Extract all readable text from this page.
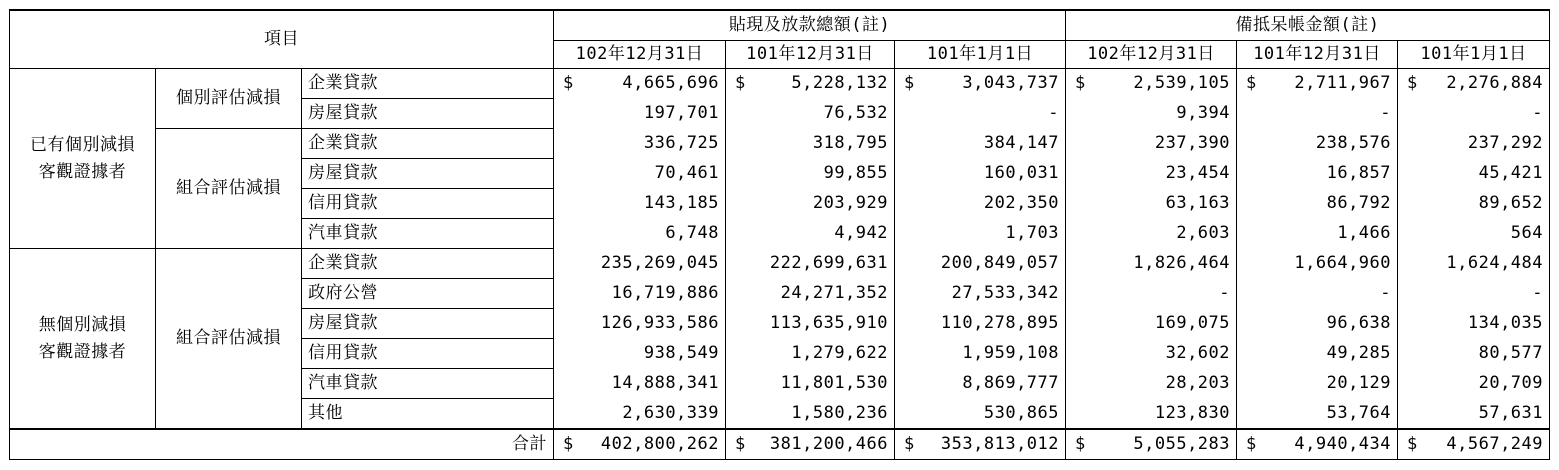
項目			貼現及放款總額(註)			備抵呆帳金額(註)		
			102年12月31日	101年12月31日	101年1月1日	102年12月31日	101年12月31日	101年1月1日

已有個別減損
客觀證據者	個別評估減損	企業貸款	$ 4,665,696	$ 5,228,132	$ 3,043,737	$ 2,539,105	$ 2,711,967	$ 2,276,884
		房屋貸款	197,701	76,532	-	9,394	-	-
	組合評估減損	企業貸款	336,725	318,795	384,147	237,390	238,576	237,292
		房屋貸款	70,461	99,855	160,031	23,454	16,857	45,421
		信用貸款	143,185	203,929	202,350	63,163	86,792	89,652
		汽車貸款	6,748	4,942	1,703	2,603	1,466	564

無個別減損
客觀證據者	組合評估減損	企業貸款	235,269,045	222,699,631	200,849,057	1,826,464	1,664,960	1,624,484
		政府公營	16,719,886	24,271,352	27,533,342	-	-	-
		房屋貸款	126,933,586	113,635,910	110,278,895	169,075	96,638	134,035
		信用貸款	938,549	1,279,622	1,959,108	32,602	49,285	80,577
		汽車貸款	14,888,341	11,801,530	8,869,777	28,203	20,129	20,709
		其他	2,630,339	1,580,236	530,865	123,830	53,764	57,631
合計			$ 402,800,262	$ 381,200,466	$ 353,813,012	$ 5,055,283	$ 4,940,434	$ 4,567,249
